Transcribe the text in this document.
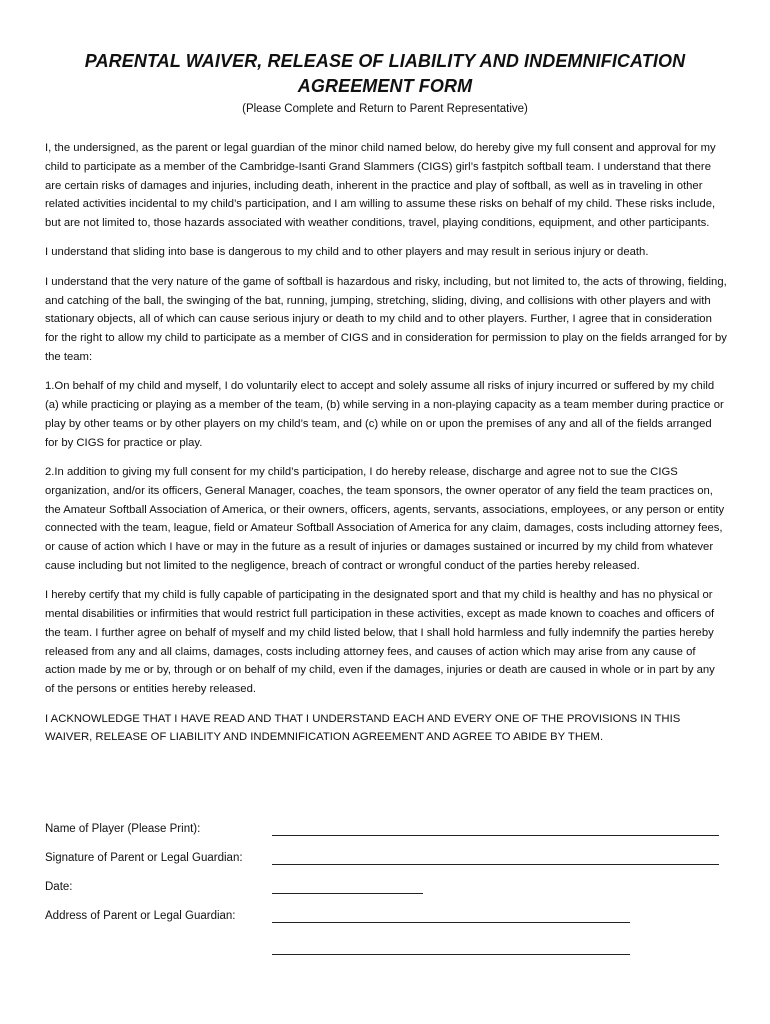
PARENTAL WAIVER, RELEASE OF LIABILITY AND INDEMNIFICATION
AGREEMENT FORM
(Please Complete and Return to Parent Representative)

I, the undersigned, as the parent or legal guardian of the minor child named below, do hereby give my full consent and approval for my child to participate as a member of the Cambridge-Isanti Grand Slammers (CIGS) girl’s fastpitch softball team. I understand that there are certain risks of damages and injuries, including death, inherent in the practice and play of softball, as well as in traveling in other related activities incidental to my child’s participation, and I am willing to assume these risks on behalf of my child. These risks include, but are not limited to, those hazards associated with weather conditions, travel, playing conditions, equipment, and other participants.

I understand that sliding into base is dangerous to my child and to other players and may result in serious injury or death.

I understand that the very nature of the game of softball is hazardous and risky, including, but not limited to, the acts of throwing, fielding, and catching of the ball, the swinging of the bat, running, jumping, stretching, sliding, diving, and collisions with other players and with stationary objects, all of which can cause serious injury or death to my child and to other players. Further, I agree that in consideration for the right to allow my child to participate as a member of CIGS and in consideration for permission to play on the fields arranged for by the team:

1.On behalf of my child and myself, I do voluntarily elect to accept and solely assume all risks of injury incurred or suffered by my child (a) while practicing or playing as a member of the team, (b) while serving in a non-playing capacity as a team member during practice or play by other teams or by other players on my child’s team, and (c) while on or upon the premises of any and all of the fields arranged for by CIGS for practice or play.

2.In addition to giving my full consent for my child’s participation, I do hereby release, discharge and agree not to sue the CIGS organization, and/or its officers, General Manager, coaches, the team sponsors, the owner operator of any field the team practices on, the Amateur Softball Association of America, or their owners, officers, agents, servants, associations, employees, or any person or entity connected with the team, league, field or Amateur Softball Association of America for any claim, damages, costs including attorney fees, or cause of action which I have or may in the future as a result of injuries or damages sustained or incurred by my child from whatever cause including but not limited to the negligence, breach of contract or wrongful conduct of the parties hereby released.

I hereby certify that my child is fully capable of participating in the designated sport and that my child is healthy and has no physical or mental disabilities or infirmities that would restrict full participation in these activities, except as made known to coaches and officers of the team. I further agree on behalf of myself and my child listed below, that I shall hold harmless and fully indemnify the parties hereby released from any and all claims, damages, costs including attorney fees, and causes of action which may arise from any cause of action made by me or by, through or on behalf of my child, even if the damages, injuries or death are caused in whole or in part by any of the persons or entities hereby released.

I ACKNOWLEDGE THAT I HAVE READ AND THAT I UNDERSTAND EACH AND EVERY ONE OF THE PROVISIONS IN THIS WAIVER, RELEASE OF LIABILITY AND INDEMNIFICATION AGREEMENT AND AGREE TO ABIDE BY THEM.

Name of Player (Please Print):
Signature of Parent or Legal Guardian:
Date:
Address of Parent or Legal Guardian:
